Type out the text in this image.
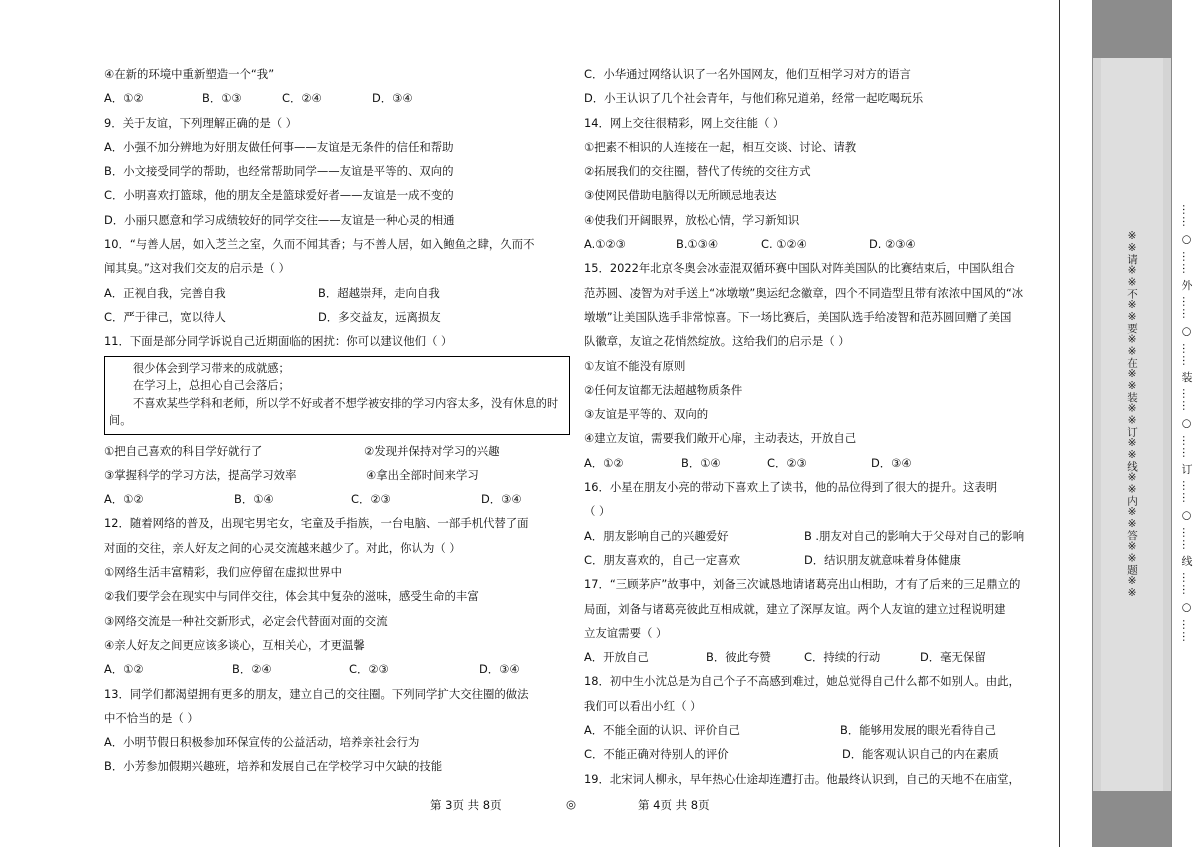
④在新的环境中重新塑造一个“我”
A．①②	B．①③	C．②④	D．③④
9．关于友谊，下列理解正确的是（ ）
A．小强不加分辨地为好朋友做任何事——友谊是无条件的信任和帮助
B．小文接受同学的帮助，也经常帮助同学——友谊是平等的、双向的
C．小明喜欢打篮球，他的朋友全是篮球爱好者——友谊是一成不变的
D．小丽只愿意和学习成绩较好的同学交往——友谊是一种心灵的相通
10．“与善人居，如入芝兰之室，久而不闻其香；与不善人居，如入鲍鱼之肆，久而不
闻其臭。”这对我们交友的启示是（ ）
A．正视自我，完善自我	B．超越崇拜，走向自我
C．严于律己，宽以待人	D．多交益友，远离损友
11．下面是部分同学诉说自己近期面临的困扰：你可以建议他们（ ）
很少体会到学习带来的成就感；
在学习上，总担心自己会落后；
不喜欢某些学科和老师，所以学不好或者不想学被安排的学习内容太多，没有休息的时间。
①把自己喜欢的科目学好就行了	②发现并保持对学习的兴趣
③掌握科学的学习方法，提高学习效率	④拿出全部时间来学习
A．①②	B．①④	C．②③	D．③④
12．随着网络的普及，出现宅男宅女，宅童及手指族，一台电脑、一部手机代替了面
对面的交往，亲人好友之间的心灵交流越来越少了。对此，你认为（ ）
①网络生活丰富精彩，我们应停留在虚拟世界中
②我们要学会在现实中与同伴交往，体会其中复杂的滋味，感受生命的丰富
③网络交流是一种社交新形式，必定会代替面对面的交流
④亲人好友之间更应该多谈心，互相关心，才更温馨
A．①②	B．②④	C．②③	D．③④
13．同学们都渴望拥有更多的朋友，建立自己的交往圈。下列同学扩大交往圈的做法
中不恰当的是（ ）
A．小明节假日积极参加环保宣传的公益活动，培养亲社会行为
B．小芳参加假期兴趣班，培养和发展自己在学校学习中欠缺的技能
C．小华通过网络认识了一名外国网友，他们互相学习对方的语言
D．小王认识了几个社会青年，与他们称兄道弟，经常一起吃喝玩乐
14．网上交往很精彩，网上交往能（ ）
①把素不相识的人连接在一起，相互交谈、讨论、请教
②拓展我们的交往圈，替代了传统的交往方式
③使网民借助电脑得以无所顾忌地表达
④使我们开阔眼界，放松心情，学习新知识
A.①②③	B.①③④	C. ①②④	D. ②③④
15．2022年北京冬奥会冰壶混双循环赛中国队对阵美国队的比赛结束后，中国队组合
范苏圆、凌智为对手送上“冰墩墩”奥运纪念徽章，四个不同造型且带有浓浓中国风的“冰
墩墩”让美国队选手非常惊喜。下一场比赛后，美国队选手给凌智和范苏圆回赠了美国
队徽章，友谊之花悄然绽放。这给我们的启示是（ ）
①友谊不能没有原则
②任何友谊都无法超越物质条件
③友谊是平等的、双向的
④建立友谊，需要我们敞开心扉，主动表达，开放自己
A．①②	B．①④	C．②③	D．③④
16．小星在朋友小亮的带动下喜欢上了读书，他的品位得到了很大的提升。这表明
（ ）
A．朋友影响自己的兴趣爱好	B .朋友对自己的影响大于父母对自己的影响
C．朋友喜欢的，自己一定喜欢	D．结识朋友就意味着身体健康
17．“三顾茅庐”故事中，刘备三次诚恳地请诸葛亮出山相助，才有了后来的三足鼎立的
局面，刘备与诸葛亮彼此互相成就，建立了深厚友谊。两个人友谊的建立过程说明建
立友谊需要（ ）
A．开放自己	B．彼此夸赞	C．持续的行动	D．毫无保留
18．初中生小沈总是为自己个子不高感到难过，她总觉得自己什么都不如别人。由此，
我们可以看出小红（ ）
A．不能全面的认识、评价自己	B．能够用发展的眼光看待自己
C．不能正确对待别人的评价	D．能客观认识自己的内在素质
19．北宋词人柳永，早年热心仕途却连遭打击。他最终认识到，自己的天地不在庙堂，
第 3页 共 8页	◎	第 4页 共 8页
※※请※※不※※要※※在※※装※※订※※线※※内※※答※※题※※	…… ○ …… 外 …… ○ …… 装 …… ○ …… 订 …… ○ …… 线 …… ○ ……
